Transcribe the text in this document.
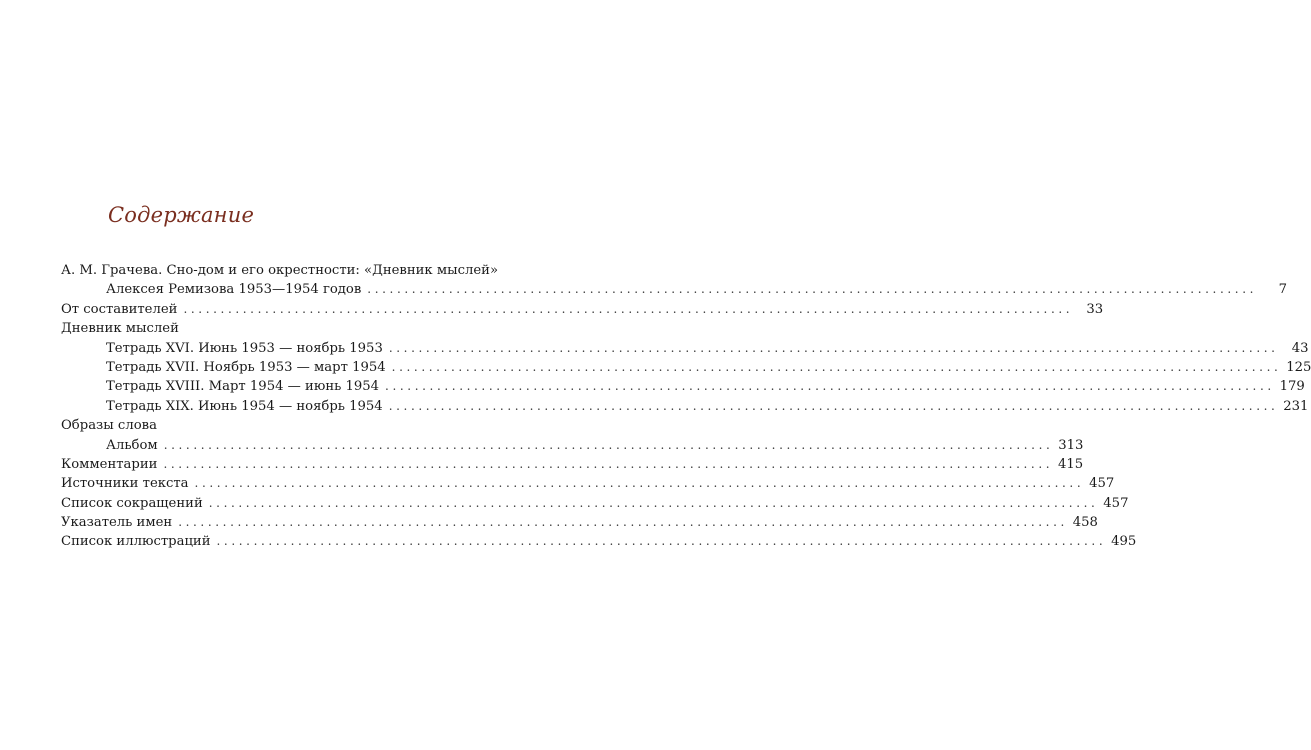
Содержание
А. М. Грачева. Сно-дом и его окрестности: «Дневник мыслей»
Алексея Ремизова 1953—1954 годов ........................................................................................................................	7
От составителей ........................................................................................................................	33
Дневник мыслей
Тетрадь XVI. Июнь 1953 — ноябрь 1953 ........................................................................................................................	43
Тетрадь XVII. Ноябрь 1953 — март 1954 ........................................................................................................................ 125
Тетрадь XVIII. Март 1954 — июнь 1954 ........................................................................................................................ 179
Тетрадь XIX. Июнь 1954 — ноябрь 1954 ........................................................................................................................ 231
Образы слова
Альбом ........................................................................................................................ 313
Комментарии ........................................................................................................................ 415
Источники текста ........................................................................................................................ 457
Список сокращений ........................................................................................................................ 457
Указатель имен ........................................................................................................................ 458
Список иллюстраций ........................................................................................................................ 495
